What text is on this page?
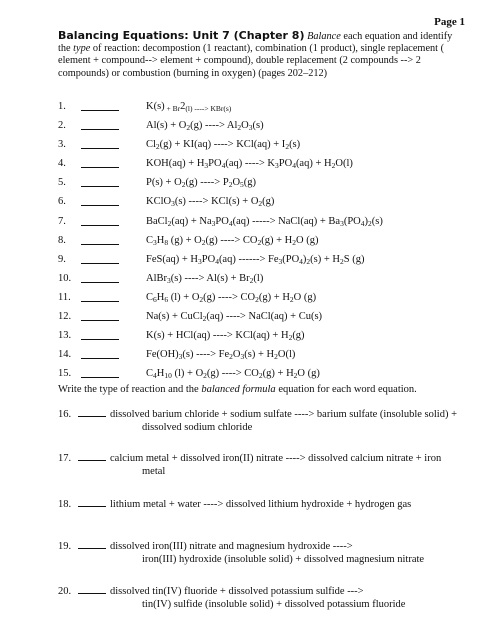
Page 1
Balancing Equations: Unit 7 (Chapter 8) Balance each equation and identify the type of reaction: decompostion (1 reactant), combination (1 product), single replacement ( element + compound--> element + compound), double replacement (2 compounds --> 2 compounds) or combustion (burning in oxygen) (pages 202–212)
1.	K(s) $_{+ Br}2_{(l) ----> KBr(s)}$
2.	$Al(s) + O_2(g)$ ----> $Al_2O_3(s)$
3.	$Cl_2(g) + KI(aq)$ ----> $KCl(aq) + I_2(s)$
4.	$KOH(aq) + H_3PO_4(aq)$ ----> $K_3PO_4(aq) + H_2O(l)$
5.	$P(s) + O_2(g)$ ----> $P_2O_5(g)$
6.	KClO$_3$(s) ----> $KCl(s) + O_2(g)$
7.	BaCl$_2$(aq) + $Na_3PO_4(aq)$ -----> NaCl(aq) + $Ba_3(PO_4)_2(s)$
8.	$C_3H_8$ $(g) + O_2(g)$ ----> $CO_2(g) + H_2O$ (g)
9.	$FeS(aq) + H_3PO_4(aq)$ ------> $Fe_3(PO_4)_2(s) + H_2S$ (g)
10.	AlBr$_3$(s) ----> $Al(s) + Br_2(l)$
11.	$C_6H_6$ $(l) + O_2(g)$ ----> $CO_2(g) + H_2O$ (g)
12.	Na(s) + CuCl$_2$(aq) ----> NaCl(aq) + Cu(s)
13.	K(s) + HCl(aq) ----> $KCl(aq) + H_2(g)$
14.	$Fe(OH)_3(s)$ ----> $Fe_2O_3(s) + H_2O(l)$
15.	$C_4H_{10}$ $(l) + O_2(g)$ ----> $CO_2(g) + H_2O$ (g)
Write the type of reaction and the balanced formula equation for each word equation.
16.	dissolved barium chloride + sodium sulfate ----> barium sulfate (insoluble solid) +
dissolved sodium chloride
17.	calcium metal + dissolved iron(II) nitrate ----> dissolved calcium nitrate + iron
metal
18.	lithium metal + water ----> dissolved lithium hydroxide + hydrogen gas
19.	dissolved iron(III) nitrate and magnesium hydroxide ---->
iron(III) hydroxide (insoluble solid) + dissolved magnesium nitrate
20.	dissolved tin(IV) fluoride + dissolved potassium sulfide --->
tin(IV) sulfide (insoluble solid) + dissolved potassium fluoride
